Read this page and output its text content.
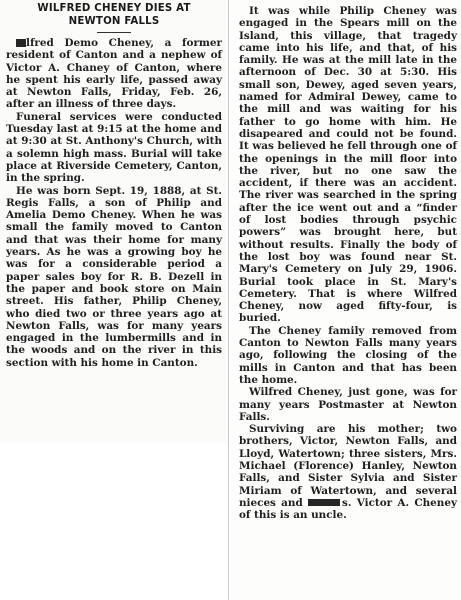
WILFRED CHENEY DIES AT
NEWTON FALLS

lfred Demo Cheney, a former resident of Canton and a nephew of Victor A. Chaney of Canton, where he spent his early life, passed away at Newton Falls, Friday, Feb. 26, after an illness of three days.

Funeral services were conducted Tuesday last at 9:15 at the home and at 9:30 at St. Anthony's Church, with a solemn high mass. Burial will take place at Riverside Cemetery, Canton, in the spring.

He was born Sept. 19, 1888, at St. Regis Falls, a son of Philip and Amelia Demo Cheney. When he was small the family moved to Canton and that was their home for many years. As he was a growing boy he was for a considerable period a paper sales boy for R. B. Dezell in the paper and book store on Main street. His father, Philip Cheney, who died two or three years ago at Newton Falls, was for many years engaged in the lumbermills and in the woods and on the river in this section with his home in Canton.

It was while Philip Cheney was engaged in the Spears mill on the Island, this village, that tragedy came into his life, and that, of his family. He was at the mill late in the afternoon of Dec. 30 at 5:30. His small son, Dewey, aged seven years, named for Admiral Dewey, came to the mill and was waiting for his father to go home with him. He disapeared and could not be found. It was believed he fell through one of the openings in the mill floor into the river, but no one saw the accident, if there was an accident. The river was searched in the spring after the ice went out and a “finder of lost bodies through psychic powers” was brought here, but without results. Finally the body of the lost boy was found near St. Mary's Cemetery on July 29, 1906. Burial took place in St. Mary's Cemetery. That is where Wilfred Cheney, now aged fifty-four, is buried.

The Cheney family removed from Canton to Newton Falls many years ago, following the closing of the mills in Canton and that has been the home.

Wilfred Cheney, just gone, was for many years Postmaster at Newton Falls.

Surviving are his mother; two brothers, Victor, Newton Falls, and Lloyd, Watertown; three sisters, Mrs. Michael (Florence) Hanley, Newton Falls, and Sister Sylvia and Sister Miriam of Watertown, and several nieces and	s. Victor A. Cheney of this is an uncle.
